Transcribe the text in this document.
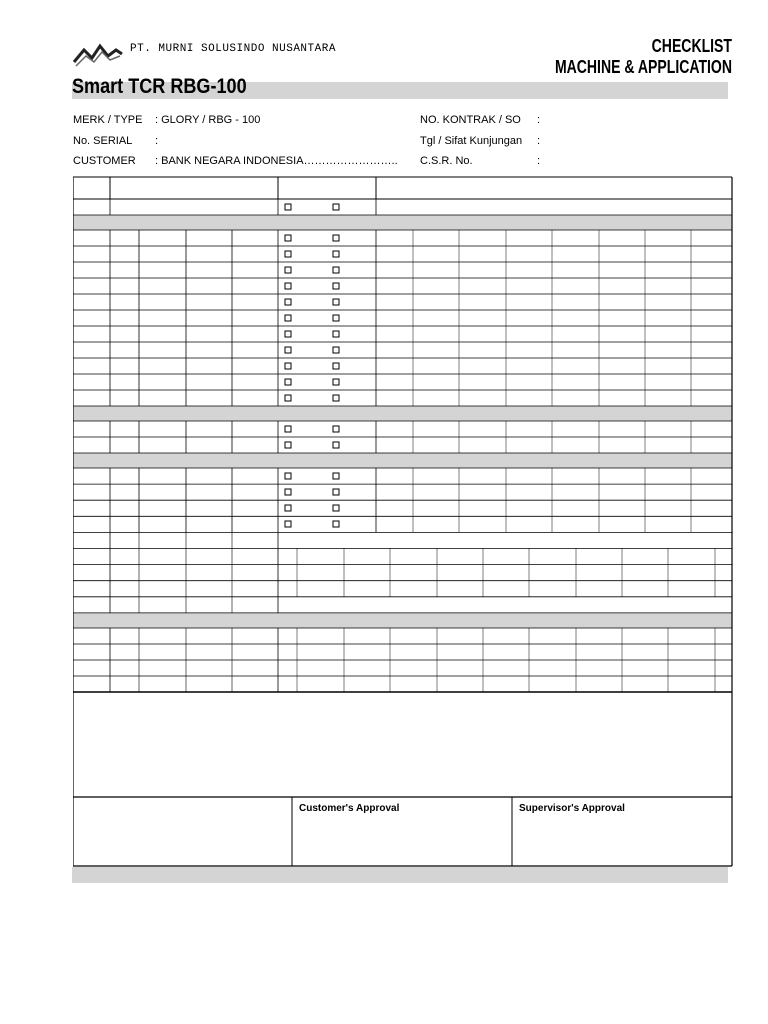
PT. MURNI SOLUSINDO NUSANTARA	CHECKLIST
MACHINE & APPLICATION
Smart TCR RBG-100
MERK / TYPE : GLORY / RBG - 100
No. SERIAL :
CUSTOMER : BANK NEGARA INDONESIA……………………..
NO. KONTRAK / SO :
Tgl / Sifat Kunjungan :
C.S.R. No.	:
Customer's Approval	Supervisor's Approval
